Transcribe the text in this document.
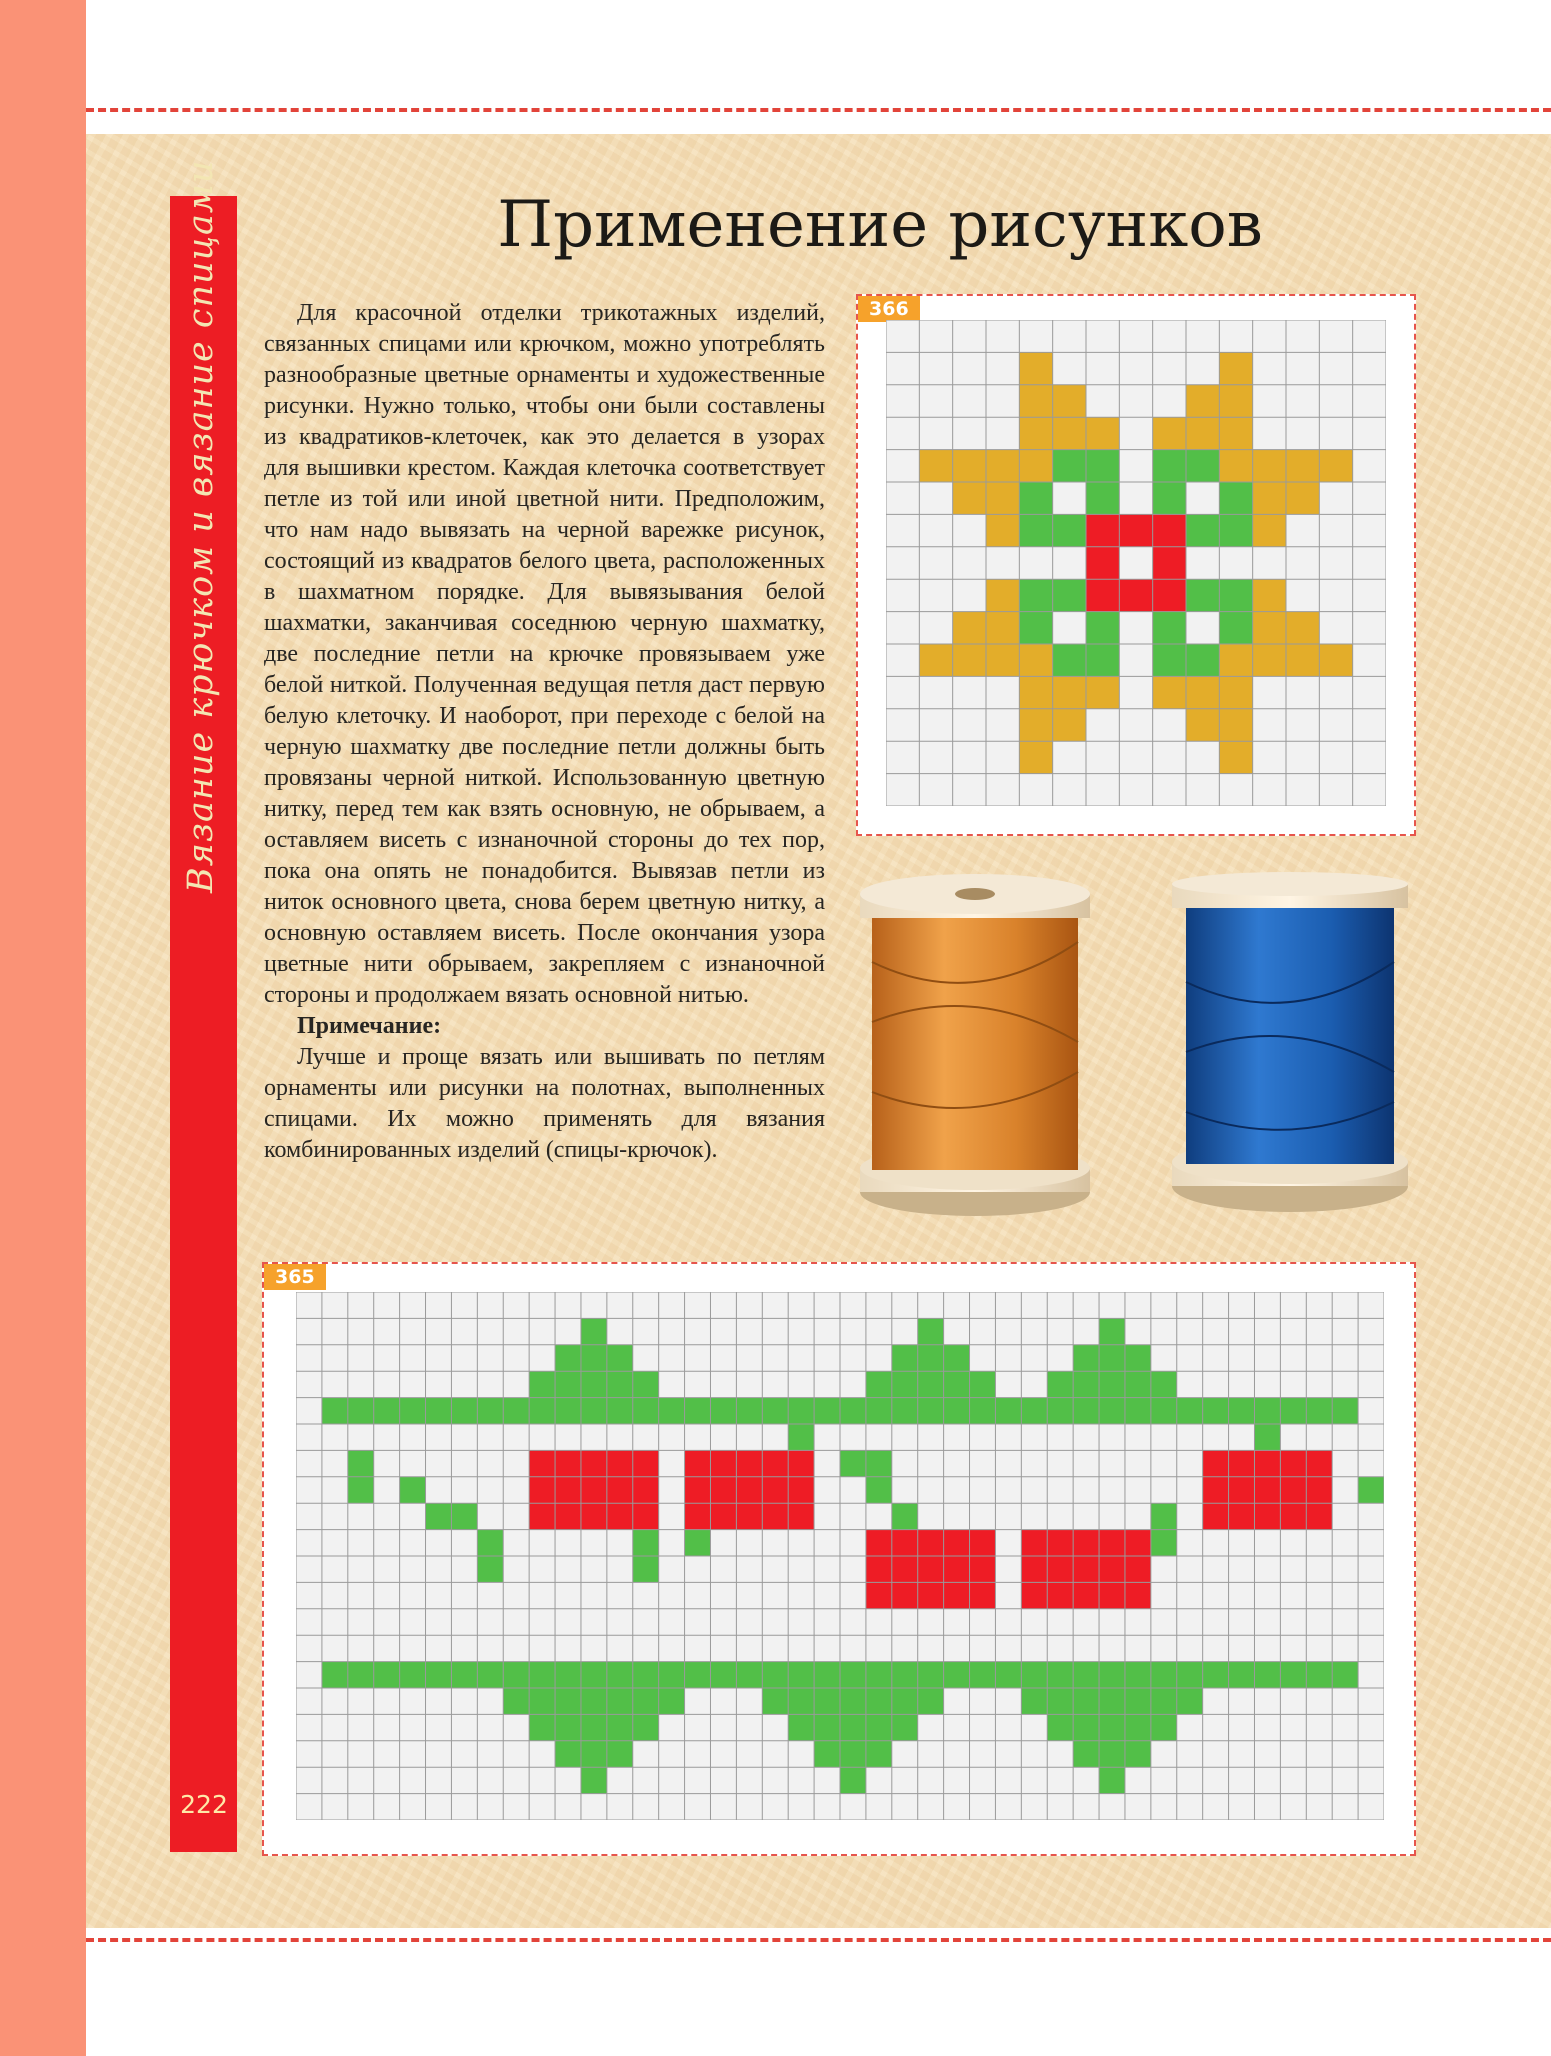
Вязание крючком и вязание спицами
222
Применение рисунков

Для красочной отделки трикотажных изделий, связанных спицами или крючком, можно употреблять разнообразные цветные орнаменты и художественные рисунки. Нужно только, чтобы они были составлены из квадратиков-клеточек, как это делается в узорах для вышивки крестом. Каждая клеточка соответствует петле из той или иной цветной нити. Предположим, что нам надо вывязать на черной варежке рисунок, состоящий из квадратов белого цвета, расположенных в шахматном порядке. Для вывязывания белой шахматки, заканчивая соседнюю черную шахматку, две последние петли на крючке провязываем уже белой ниткой. Полученная ведущая петля даст первую белую клеточку. И наоборот, при переходе с белой на черную шахматку две последние петли должны быть провязаны черной ниткой. Использованную цветную нитку, перед тем как взять основную, не обрываем, а оставляем висеть с изнаночной стороны до тех пор, пока она опять не понадобится. Вывязав петли из ниток основного цвета, снова берем цветную нитку, а основную оставляем висеть. После окончания узора цветные нити обрываем, закрепляем с изнаночной стороны и продолжаем вязать основной нитью.

Примечание:

Лучше и проще вязать или вышивать по петлям орнаменты или рисунки на полотнах, выполненных спицами. Их можно применять для вязания комбинированных изделий (спицы-крючок).

366
365
